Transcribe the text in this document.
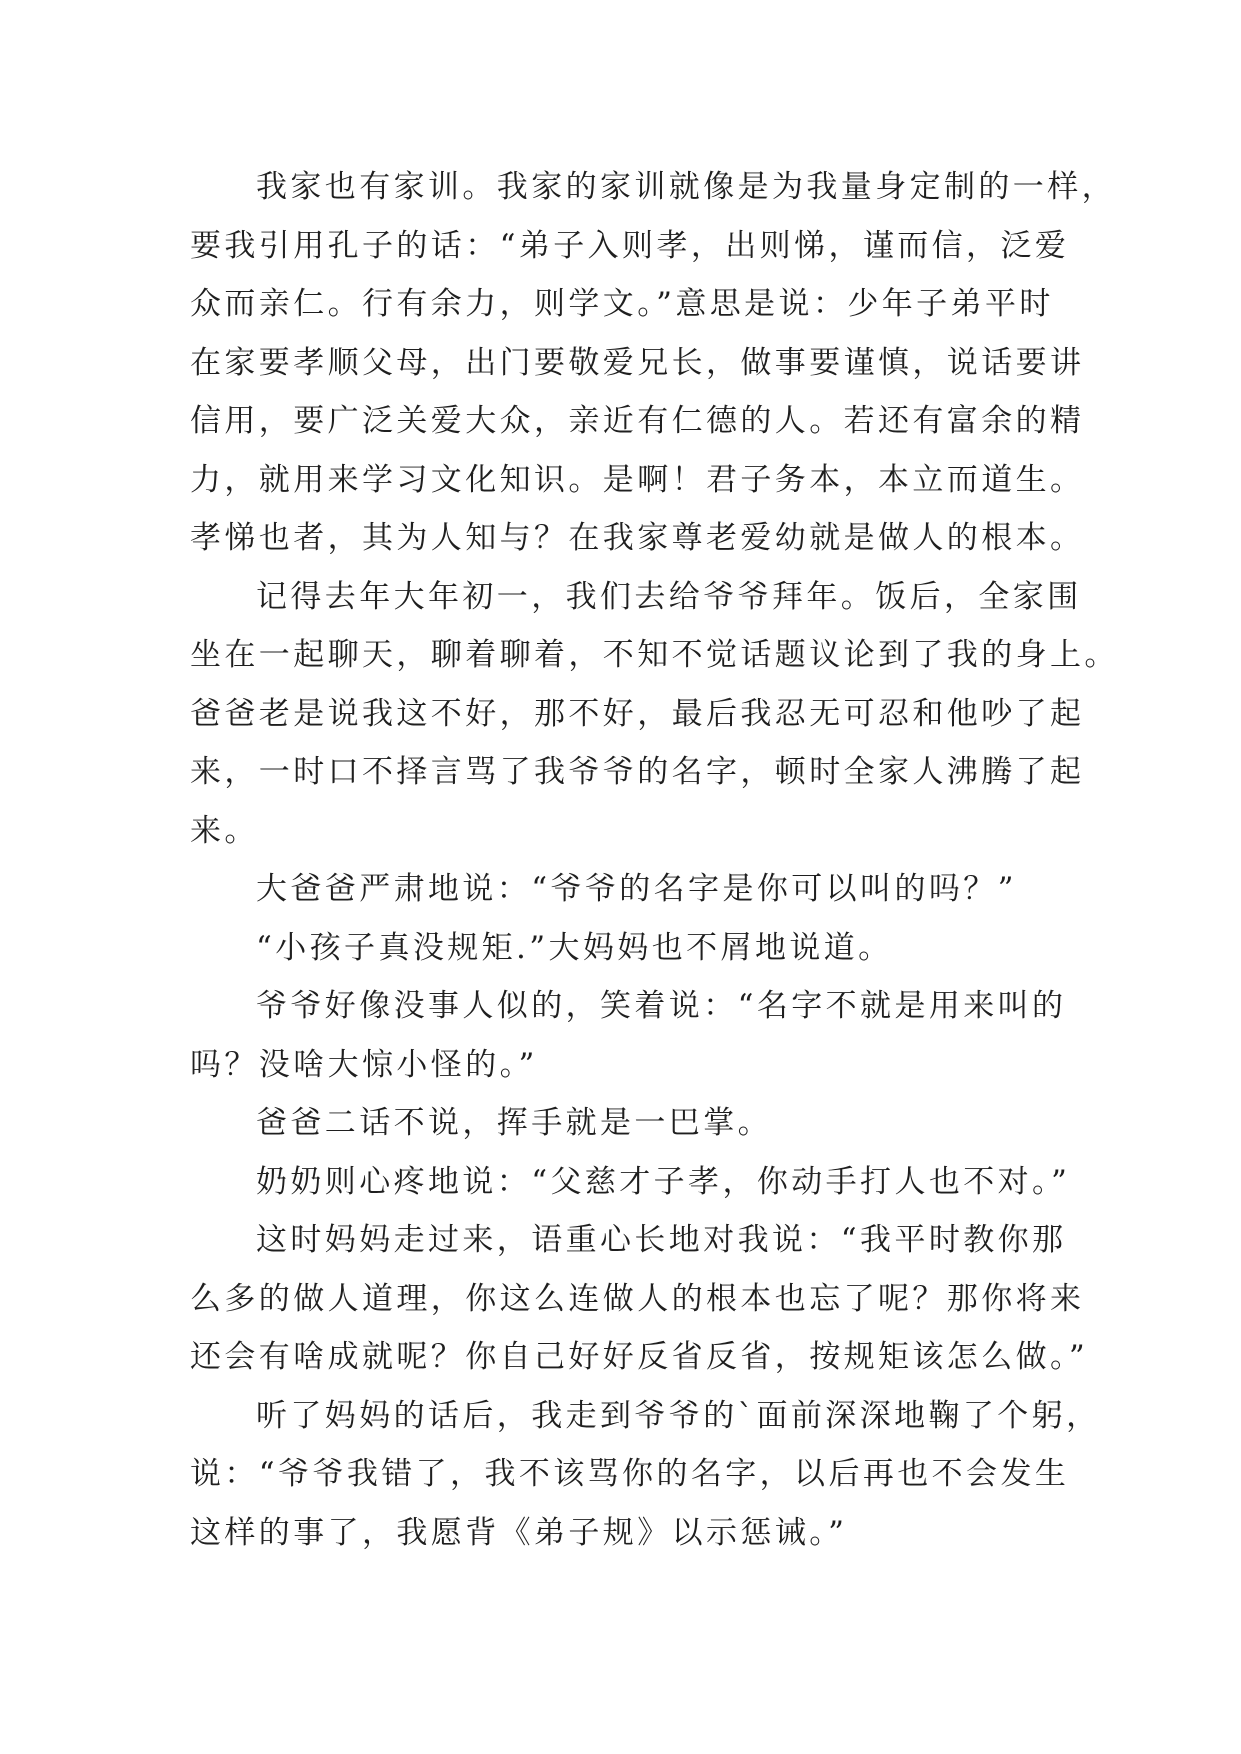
我家也有家训。我家的家训就像是为我量身定制的一样，
要我引用孔子的话：“弟子入则孝，出则悌，谨而信，泛爱
众而亲仁。行有余力，则学文。”意思是说：少年子弟平时
在家要孝顺父母，出门要敬爱兄长，做事要谨慎，说话要讲
信用，要广泛关爱大众，亲近有仁德的人。若还有富余的精
力，就用来学习文化知识。是啊！君子务本，本立而道生。
孝悌也者，其为人知与？在我家尊老爱幼就是做人的根本。
记得去年大年初一，我们去给爷爷拜年。饭后，全家围
坐在一起聊天，聊着聊着，不知不觉话题议论到了我的身上。
爸爸老是说我这不好，那不好，最后我忍无可忍和他吵了起
来，一时口不择言骂了我爷爷的名字，顿时全家人沸腾了起
来。
大爸爸严肃地说：“爷爷的名字是你可以叫的吗？”
“小孩子真没规矩.”大妈妈也不屑地说道。
爷爷好像没事人似的，笑着说：“名字不就是用来叫的
吗？没啥大惊小怪的。”
爸爸二话不说，挥手就是一巴掌。
奶奶则心疼地说：“父慈才子孝，你动手打人也不对。”
这时妈妈走过来，语重心长地对我说：“我平时教你那
么多的做人道理，你这么连做人的根本也忘了呢？那你将来
还会有啥成就呢？你自己好好反省反省，按规矩该怎么做。”
听了妈妈的话后，我走到爷爷的`面前深深地鞠了个躬，
说：“爷爷我错了，我不该骂你的名字，以后再也不会发生
这样的事了，我愿背《弟子规》以示惩诫。”
